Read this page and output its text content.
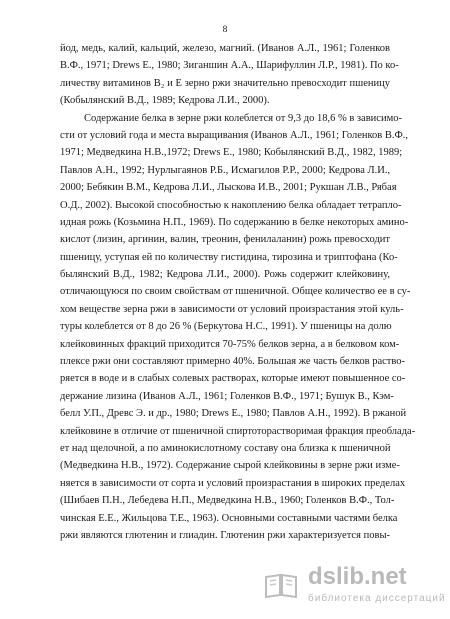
8
йод, медь, калий, кальций, железо, магний. (Иванов А.Л., 1961; Голенков
В.Ф., 1971; Drews Е., 1980; Зиганшин А.А., Шарифуллин Л.Р., 1981). По ко-
личеству витаминов В₂ и Е зерно ржи значительно превосходит пшеницу
(Кобылянский В.Д., 1989; Кедрова Л.И., 2000).
Содержание белка в зерне ржи колеблется от 9,3 до 18,6 % в зависимо-
сти от условий года и места выращивания (Иванов А.Л., 1961; Голенков В.Ф.,
1971; Медведкина Н.В.,1972; Drews Е., 1980; Кобылянский В.Д., 1982, 1989;
Павлов А.Н., 1992; Нурлыгаянов Р.Б., Исмагилов Р.Р., 2000; Кедрова Л.И.,
2000; Бебякин В.М., Кедрова Л.И., Лыскова И.В., 2001; Рукшан Л.В., Рябая
О.Д., 2002). Высокой способностью к накоплению белка обладает тетрапло-
идная рожь (Козьмина Н.П., 1969). По содержанию в белке некоторых амино-
кислот (лизин, аргинин, валин, треонин, фенилаланин) рожь превосходит
пшеницу, уступая ей по количеству гистидина, тирозина и триптофана (Ко-
былянский В.Д., 1982; Кедрова Л.И., 2000). Рожь содержит клейковину,
отличающуюся по своим свойствам от пшеничной. Общее количество ее в су-
хом веществе зерна ржи в зависимости от условий произрастания этой куль-
туры колеблется от 8 до 26 % (Беркутова Н.С., 1991). У пшеницы на долю
клейковинных фракций приходится 70-75% белков зерна, а в белковом ком-
плексе ржи они составляют примерно 40%. Большая же часть белков раство-
ряется в воде и в слабых солевых растворах, которые имеют повышенное со-
держание лизина (Иванов А.Л., 1961; Голенков В.Ф., 1971; Бушук В., Кэм-
белл У.П., Древс Э. и др., 1980; Drews Е., 1980; Павлов А.Н., 1992). В ржаной
клейковине в отличие от пшеничной спиртоторастворимая фракция преоблада-
ет над щелочной, а по аминокислотному составу она близка к пшеничной
(Медведкина Н.В., 1972). Содержание сырой клейковины в зерне ржи изме-
няется в зависимости от сорта и условий произрастания в широких пределах
(Шибаев П.Н., Лебедева Н.П., Медведкина Н.В., 1960; Голенков В.Ф., Тол-
чинская Е.Е., Жильцова Т.Е., 1963). Основными составными частями белка
ржи являются глютенин и глиадин. Глютенин ржи характеризуется повы-
dslib.net
библиотека диссертаций
